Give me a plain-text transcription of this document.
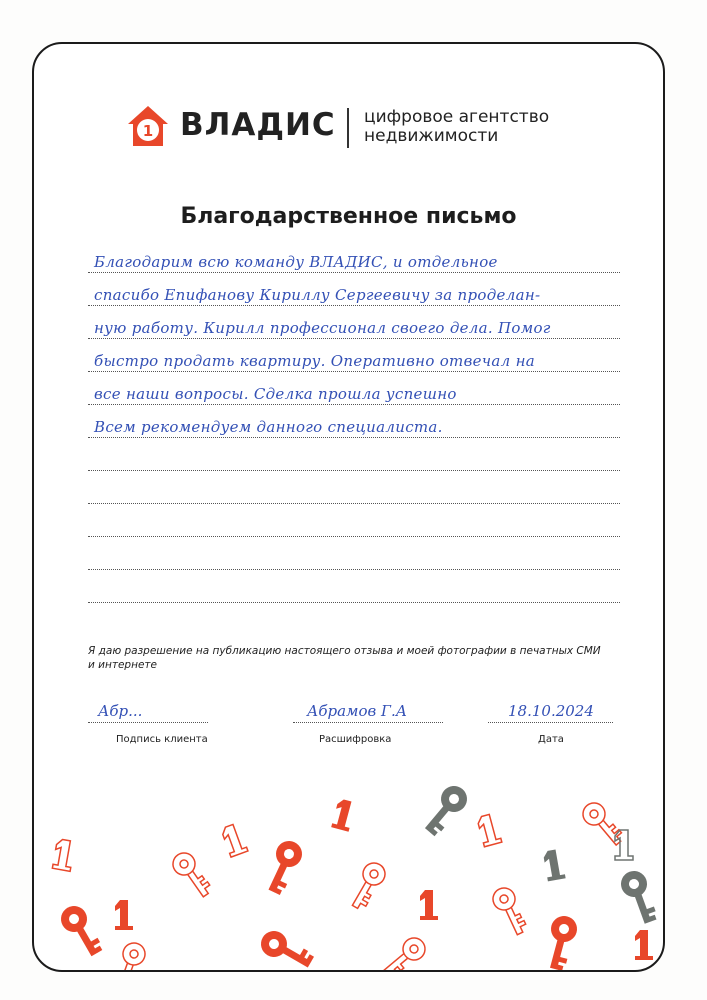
1 ВЛАДИС цифровое агентство
недвижимости
Благодарственное письмо
Благодарим всю команду ВЛАДИС, и отдельное
спасибо Епифанову Кириллу Сергеевичу за проделан-
ную работу. Кирилл профессионал своего дела. Помог
быстро продать квартиру. Оперативно отвечал на
все наши вопросы. Сделка прошла успешно
Всем рекомендуем данного специалиста.
Я даю разрешение на публикацию настоящего отзыва и моей фотографии в печатных СМИ и интернете
Абр...
Подпись клиента
Абрамов Г.А
Расшифровка
18.10.2024
Дата
